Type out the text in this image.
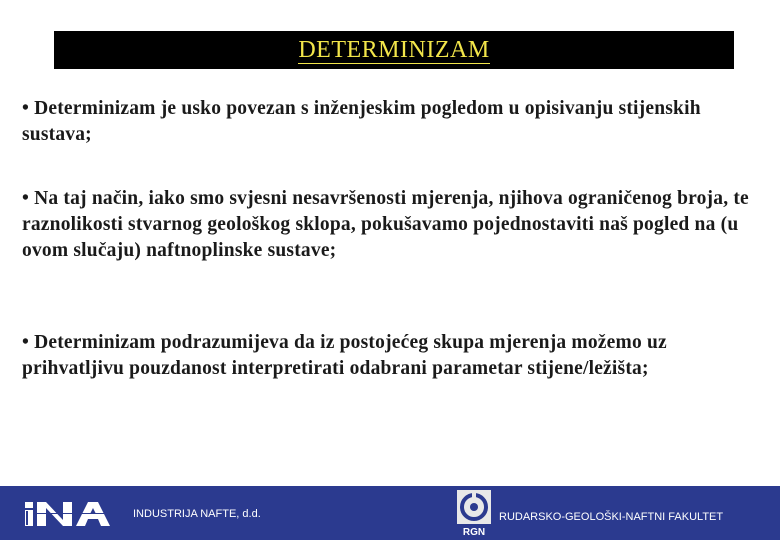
DETERMINIZAM

• Determinizam je usko povezan s inženjeskim pogledom u opisivanju stijenskih sustava;

• Na taj način, iako smo svjesni nesavršenosti mjerenja, njihova ograničenog broja, te raznolikosti stvarnog geološkog sklopa, pokušavamo pojednostaviti naš pogled na (u ovom slučaju) naftnoplinske sustave;

• Determinizam podrazumijeva da iz postojećeg skupa mjerenja možemo uz prihvatljivu pouzdanost interpretirati odabrani parametar stijene/ležišta;

INDUSTRIJA NAFTE, d.d.
RGN
RUDARSKO-GEOLOŠKI-NAFTNI FAKULTET
